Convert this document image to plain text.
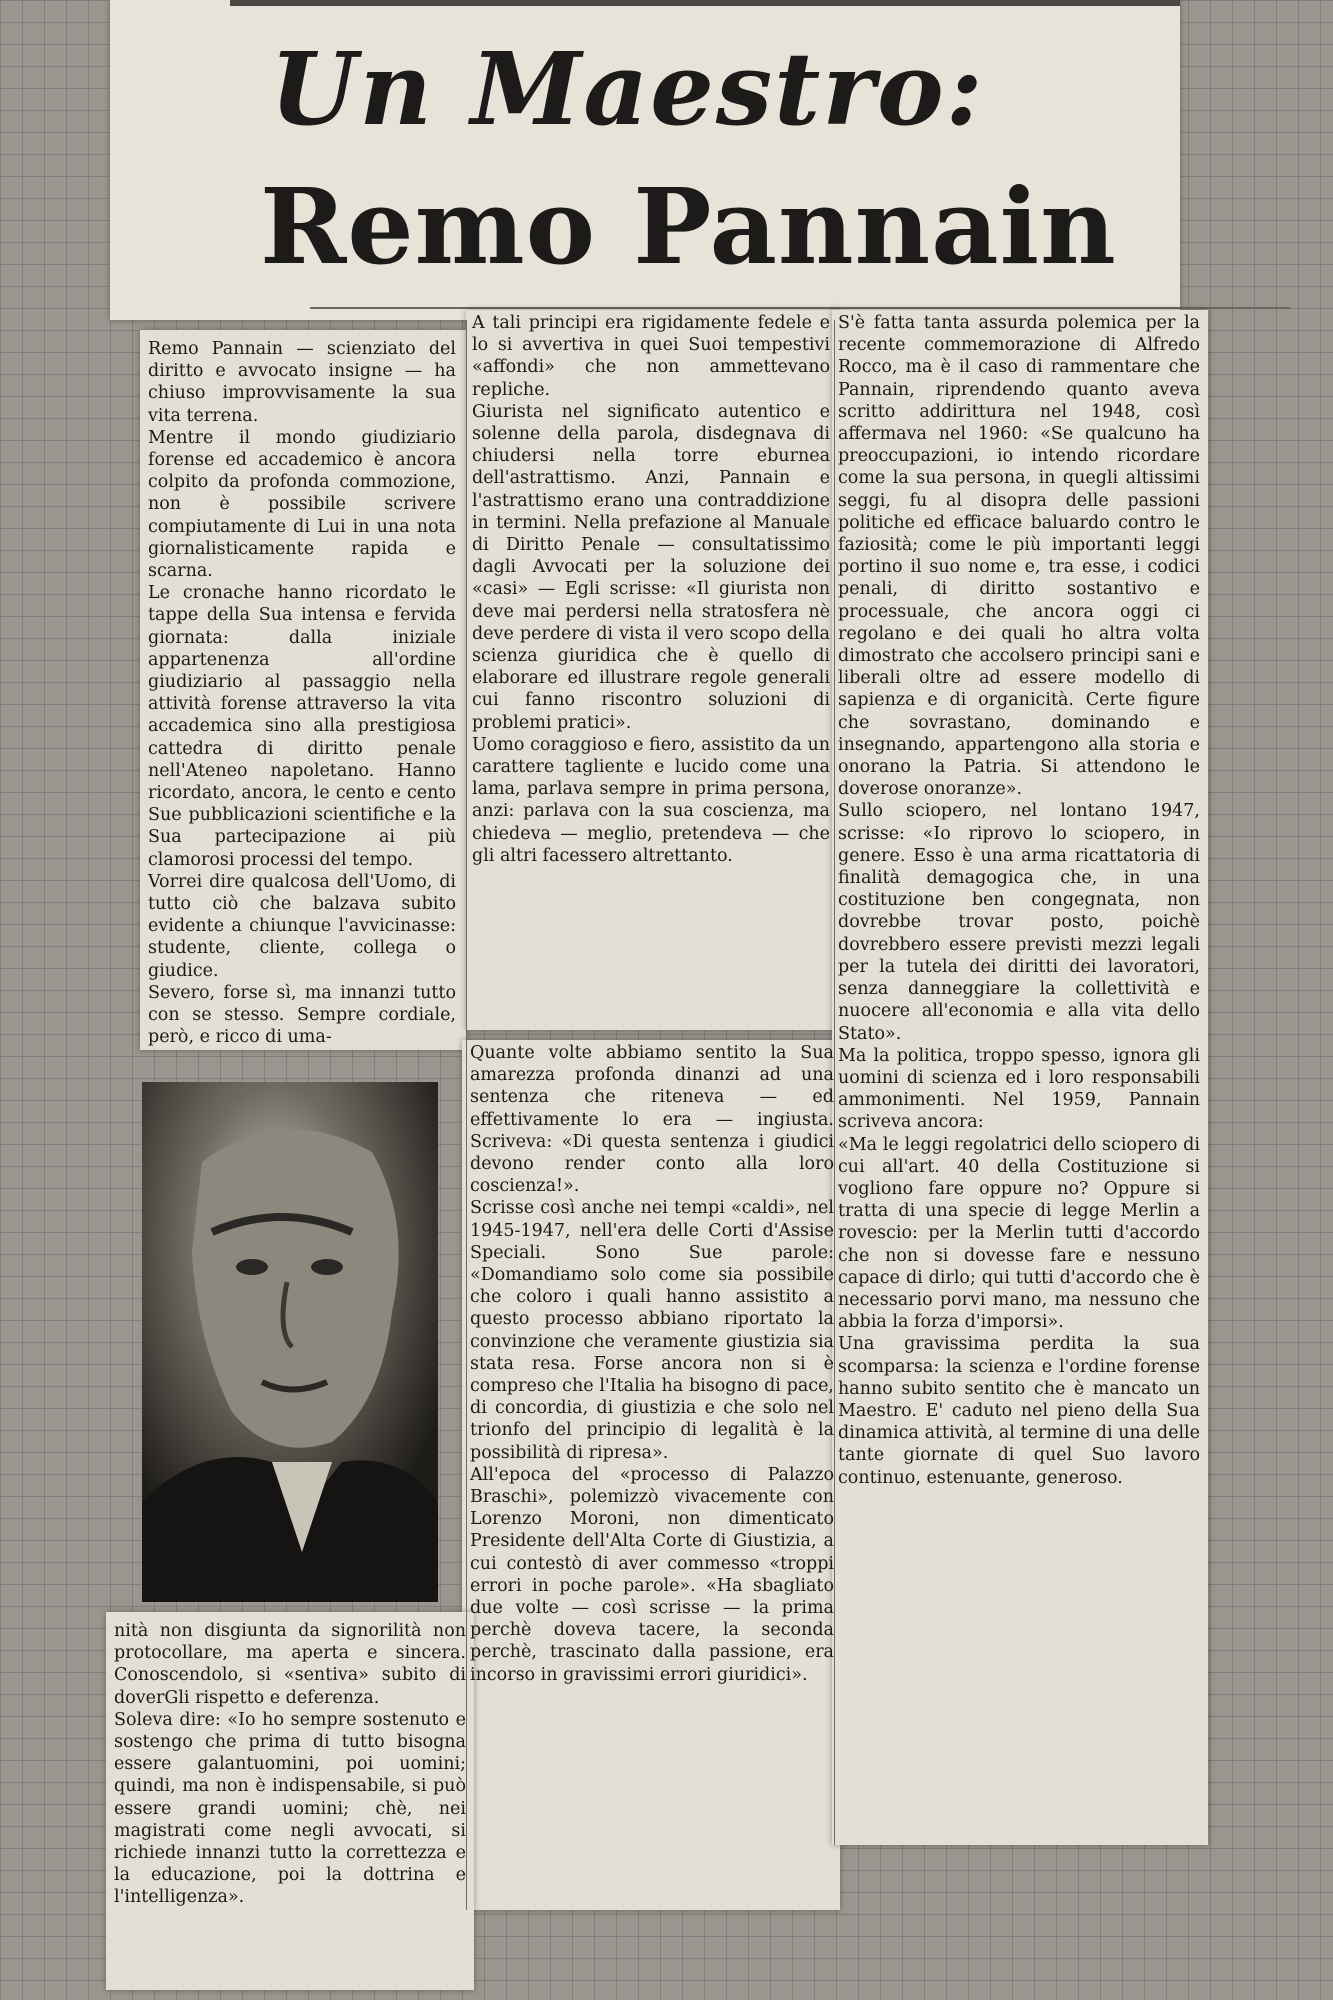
Un Maestro:
Remo Pannain
Remo Pannain — scienziato del diritto e avvocato insigne — ha chiuso improvvisamente la sua vita terrena.
Mentre il mondo giudiziario forense ed accademico è ancora colpito da profonda commozione, non è possibile scrivere compiutamente di Lui in una nota giornalisticamente rapida e scarna.
Le cronache hanno ricordato le tappe della Sua intensa e fervida giornata: dalla iniziale appartenenza all'ordine giudiziario al passaggio nella attività forense attraverso la vita accademica sino alla prestigiosa cattedra di diritto penale nell'Ateneo napoletano. Hanno ricordato, ancora, le cento e cento Sue pubblicazioni scientifiche e la Sua partecipazione ai più clamorosi processi del tempo.
Vorrei dire qualcosa dell'Uomo, di tutto ciò che balzava subito evidente a chiunque l'avvicinasse: studente, cliente, collega o giudice.
Severo, forse sì, ma innanzi tutto con se stesso. Sempre cordiale, però, e ricco di uma-
nità non disgiunta da signorilità non protocollare, ma aperta e sincera. Conoscendolo, si «sentiva» subito di doverGli rispetto e deferenza.
Soleva dire: «Io ho sempre sostenuto e sostengo che prima di tutto bisogna essere galantuomini, poi uomini; quindi, ma non è indispensabile, si può essere grandi uomini; chè, nei magistrati come negli avvocati, si richiede innanzi tutto la correttezza e la educazione, poi la dottrina e l'intelligenza».
A tali principi era rigidamente fedele e lo si avvertiva in quei Suoi tempestivi «affondi» che non ammettevano repliche.
Giurista nel significato autentico e solenne della parola, disdegnava di chiudersi nella torre eburnea dell'astrattismo. Anzi, Pannain e l'astrattismo erano una contraddizione in termini. Nella prefazione al Manuale di Diritto Penale — consultatissimo dagli Avvocati per la soluzione dei «casi» — Egli scrisse: «Il giurista non deve mai perdersi nella stratosfera nè deve perdere di vista il vero scopo della scienza giuridica che è quello di elaborare ed illustrare regole generali cui fanno riscontro soluzioni di problemi pratici».
Uomo coraggioso e fiero, assistito da un carattere tagliente e lucido come una lama, parlava sempre in prima persona, anzi: parlava con la sua coscienza, ma chiedeva — meglio, pretendeva — che gli altri facessero altrettanto.
Quante volte abbiamo sentito la Sua amarezza profonda dinanzi ad una sentenza che riteneva — ed effettivamente lo era — ingiusta. Scriveva: «Di questa sentenza i giudici devono render conto alla loro coscienza!».
Scrisse così anche nei tempi «caldi», nel 1945-1947, nell'era delle Corti d'Assise Speciali. Sono Sue parole: «Domandiamo solo come sia possibile che coloro i quali hanno assistito a questo processo abbiano riportato la convinzione che veramente giustizia sia stata resa. Forse ancora non si è compreso che l'Italia ha bisogno di pace, di concordia, di giustizia e che solo nel trionfo del principio di legalità è la possibilità di ripresa».
All'epoca del «processo di Palazzo Braschi», polemizzò vivacemente con Lorenzo Moroni, non dimenticato Presidente dell'Alta Corte di Giustizia, a cui contestò di aver commesso «troppi errori in poche parole». «Ha sbagliato due volte — così scrisse — la prima perchè doveva tacere, la seconda perchè, trascinato dalla passione, era incorso in gravissimi errori giuridici».
S'è fatta tanta assurda polemica per la recente commemorazione di Alfredo Rocco, ma è il caso di rammentare che Pannain, riprendendo quanto aveva scritto addirittura nel 1948, così affermava nel 1960: «Se qualcuno ha preoccupazioni, io intendo ricordare come la sua persona, in quegli altissimi seggi, fu al disopra delle passioni politiche ed efficace baluardo contro le faziosità; come le più importanti leggi portino il suo nome e, tra esse, i codici penali, di diritto sostantivo e processuale, che ancora oggi ci regolano e dei quali ho altra volta dimostrato che accolsero principi sani e liberali oltre ad essere modello di sapienza e di organicità. Certe figure che sovrastano, dominando e insegnando, appartengono alla storia e onorano la Patria. Si attendono le doverose onoranze».
Sullo sciopero, nel lontano 1947, scrisse: «Io riprovo lo sciopero, in genere. Esso è una arma ricattatoria di finalità demagogica che, in una costituzione ben congegnata, non dovrebbe trovar posto, poichè dovrebbero essere previsti mezzi legali per la tutela dei diritti dei lavoratori, senza danneggiare la collettività e nuocere all'economia e alla vita dello Stato».
Ma la politica, troppo spesso, ignora gli uomini di scienza ed i loro responsabili ammonimenti. Nel 1959, Pannain scriveva ancora:
«Ma le leggi regolatrici dello sciopero di cui all'art. 40 della Costituzione si vogliono fare oppure no? Oppure si tratta di una specie di legge Merlin a rovescio: per la Merlin tutti d'accordo che non si dovesse fare e nessuno capace di dirlo; qui tutti d'accordo che è necessario porvi mano, ma nessuno che abbia la forza d'imporsi».
Una gravissima perdita la sua scomparsa: la scienza e l'ordine forense hanno subito sentito che è mancato un Maestro. E' caduto nel pieno della Sua dinamica attività, al termine di una delle tante giornate di quel Suo lavoro continuo, estenuante, generoso.
